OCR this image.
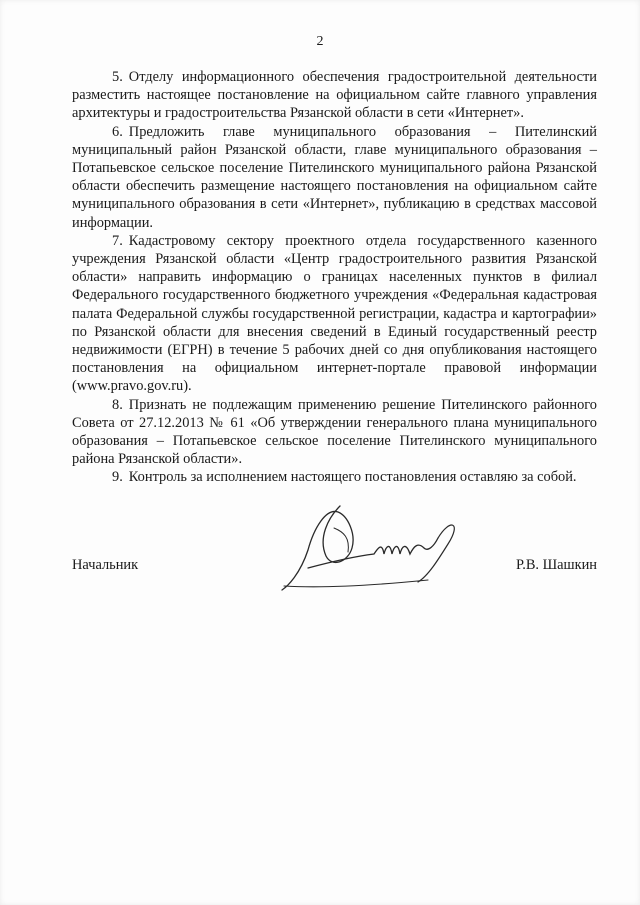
2

5. Отделу информационного обеспечения градостроительной деятельности разместить настоящее постановление на официальном сайте главного управления архитектуры и градостроительства Рязанской области в сети «Интернет».

6. Предложить главе муниципального образования – Пителинский муниципальный район Рязанской области, главе муниципального образования – Потапьевское сельское поселение Пителинского муниципального района Рязанской области обеспечить размещение настоящего постановления на официальном сайте муниципального образования в сети «Интернет», публикацию в средствах массовой информации.

7. Кадастровому сектору проектного отдела государственного казенного учреждения Рязанской области «Центр градостроительного развития Рязанской области» направить информацию о границах населенных пунктов в филиал Федерального государственного бюджетного учреждения «Федеральная кадастровая палата Федеральной службы государственной регистрации, кадастра и картографии» по Рязанской области для внесения сведений в Единый государственный реестр недвижимости (ЕГРН) в течение 5 рабочих дней со дня опубликования настоящего постановления на официальном интернет-портале правовой информации (www.pravo.gov.ru).

8. Признать не подлежащим применению решение Пителинского районного Совета от 27.12.2013 № 61 «Об утверждении генерального плана муниципального образования – Потапьевское сельское поселение Пителинского муниципального района Рязанской области».

9. Контроль за исполнением настоящего постановления оставляю за собой.

Начальник	Р.В. Шашкин
